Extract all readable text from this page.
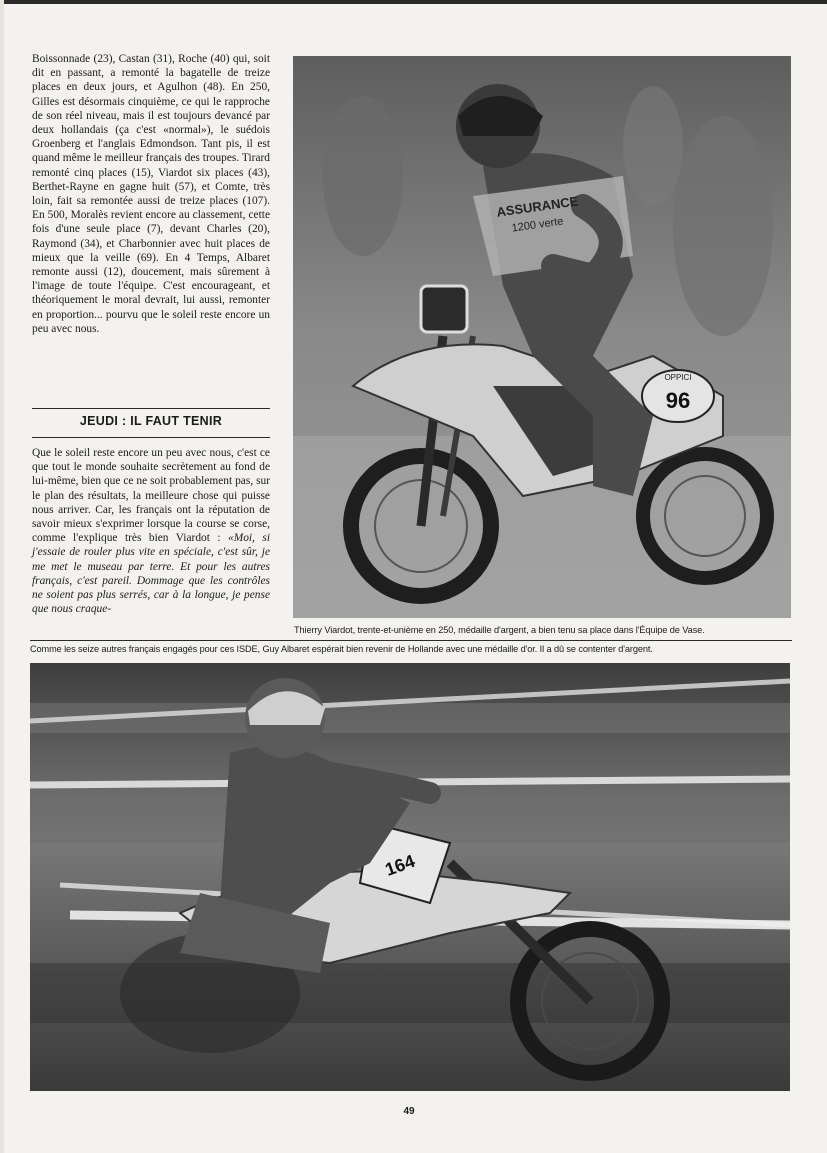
Boissonnade (23), Castan (31), Roche (40) qui, soit dit en passant, a remonté la bagatelle de treize places en deux jours, et Agulhon (48). En 250, Gilles est désormais cinquième, ce qui le rapproche de son réel niveau, mais il est toujours devancé par deux hollandais (ça c'est «normal»), le suédois Groenberg et l'anglais Edmondson. Tant pis, il est quand même le meilleur français des troupes. Tirard remonté cinq places (15), Viardot six places (43), Berthet-Rayne en gagne huit (57), et Comte, très loin, fait sa remontée aussi de treize places (107). En 500, Moralès revient encore au classement, cette fois d'une seule place (7), devant Charles (20), Raymond (34), et Charbonnier avec huit places de mieux que la veille (69). En 4 Temps, Albaret remonte aussi (12), doucement, mais sûrement à l'image de toute l'équipe. C'est encourageant, et théoriquement le moral devrait, lui aussi, remonter en proportion... pourvu que le soleil reste encore un peu avec nous.

JEUDI : IL FAUT TENIR

Que le soleil reste encore un peu avec nous, c'est ce que tout le monde souhaite secrètement au fond de lui-même, bien que ce ne soit probablement pas, sur le plan des résultats, la meilleure chose qui puisse nous arriver. Car, les français ont la réputation de savoir mieux s'exprimer lorsque la course se corse, comme l'explique très bien Viardot : «Moi, si j'essaie de rouler plus vite en spéciale, c'est sûr, je me met le museau par terre. Et pour les autres français, c'est pareil. Dommage que les contrôles ne soient pas plus serrés, car à la longue, je pense que nous craque-

96
OPPICI
ASSURANCE
1200 verte
Thierry Viardot, trente-et-unième en 250, médaille d'argent, a bien tenu sa place dans l'Équipe de Vase.
Comme les seize autres français engagés pour ces ISDE, Guy Albaret espérait bien revenir de Hollande avec une médaille d'or. Il a dû se contenter d'argent.
164
49
